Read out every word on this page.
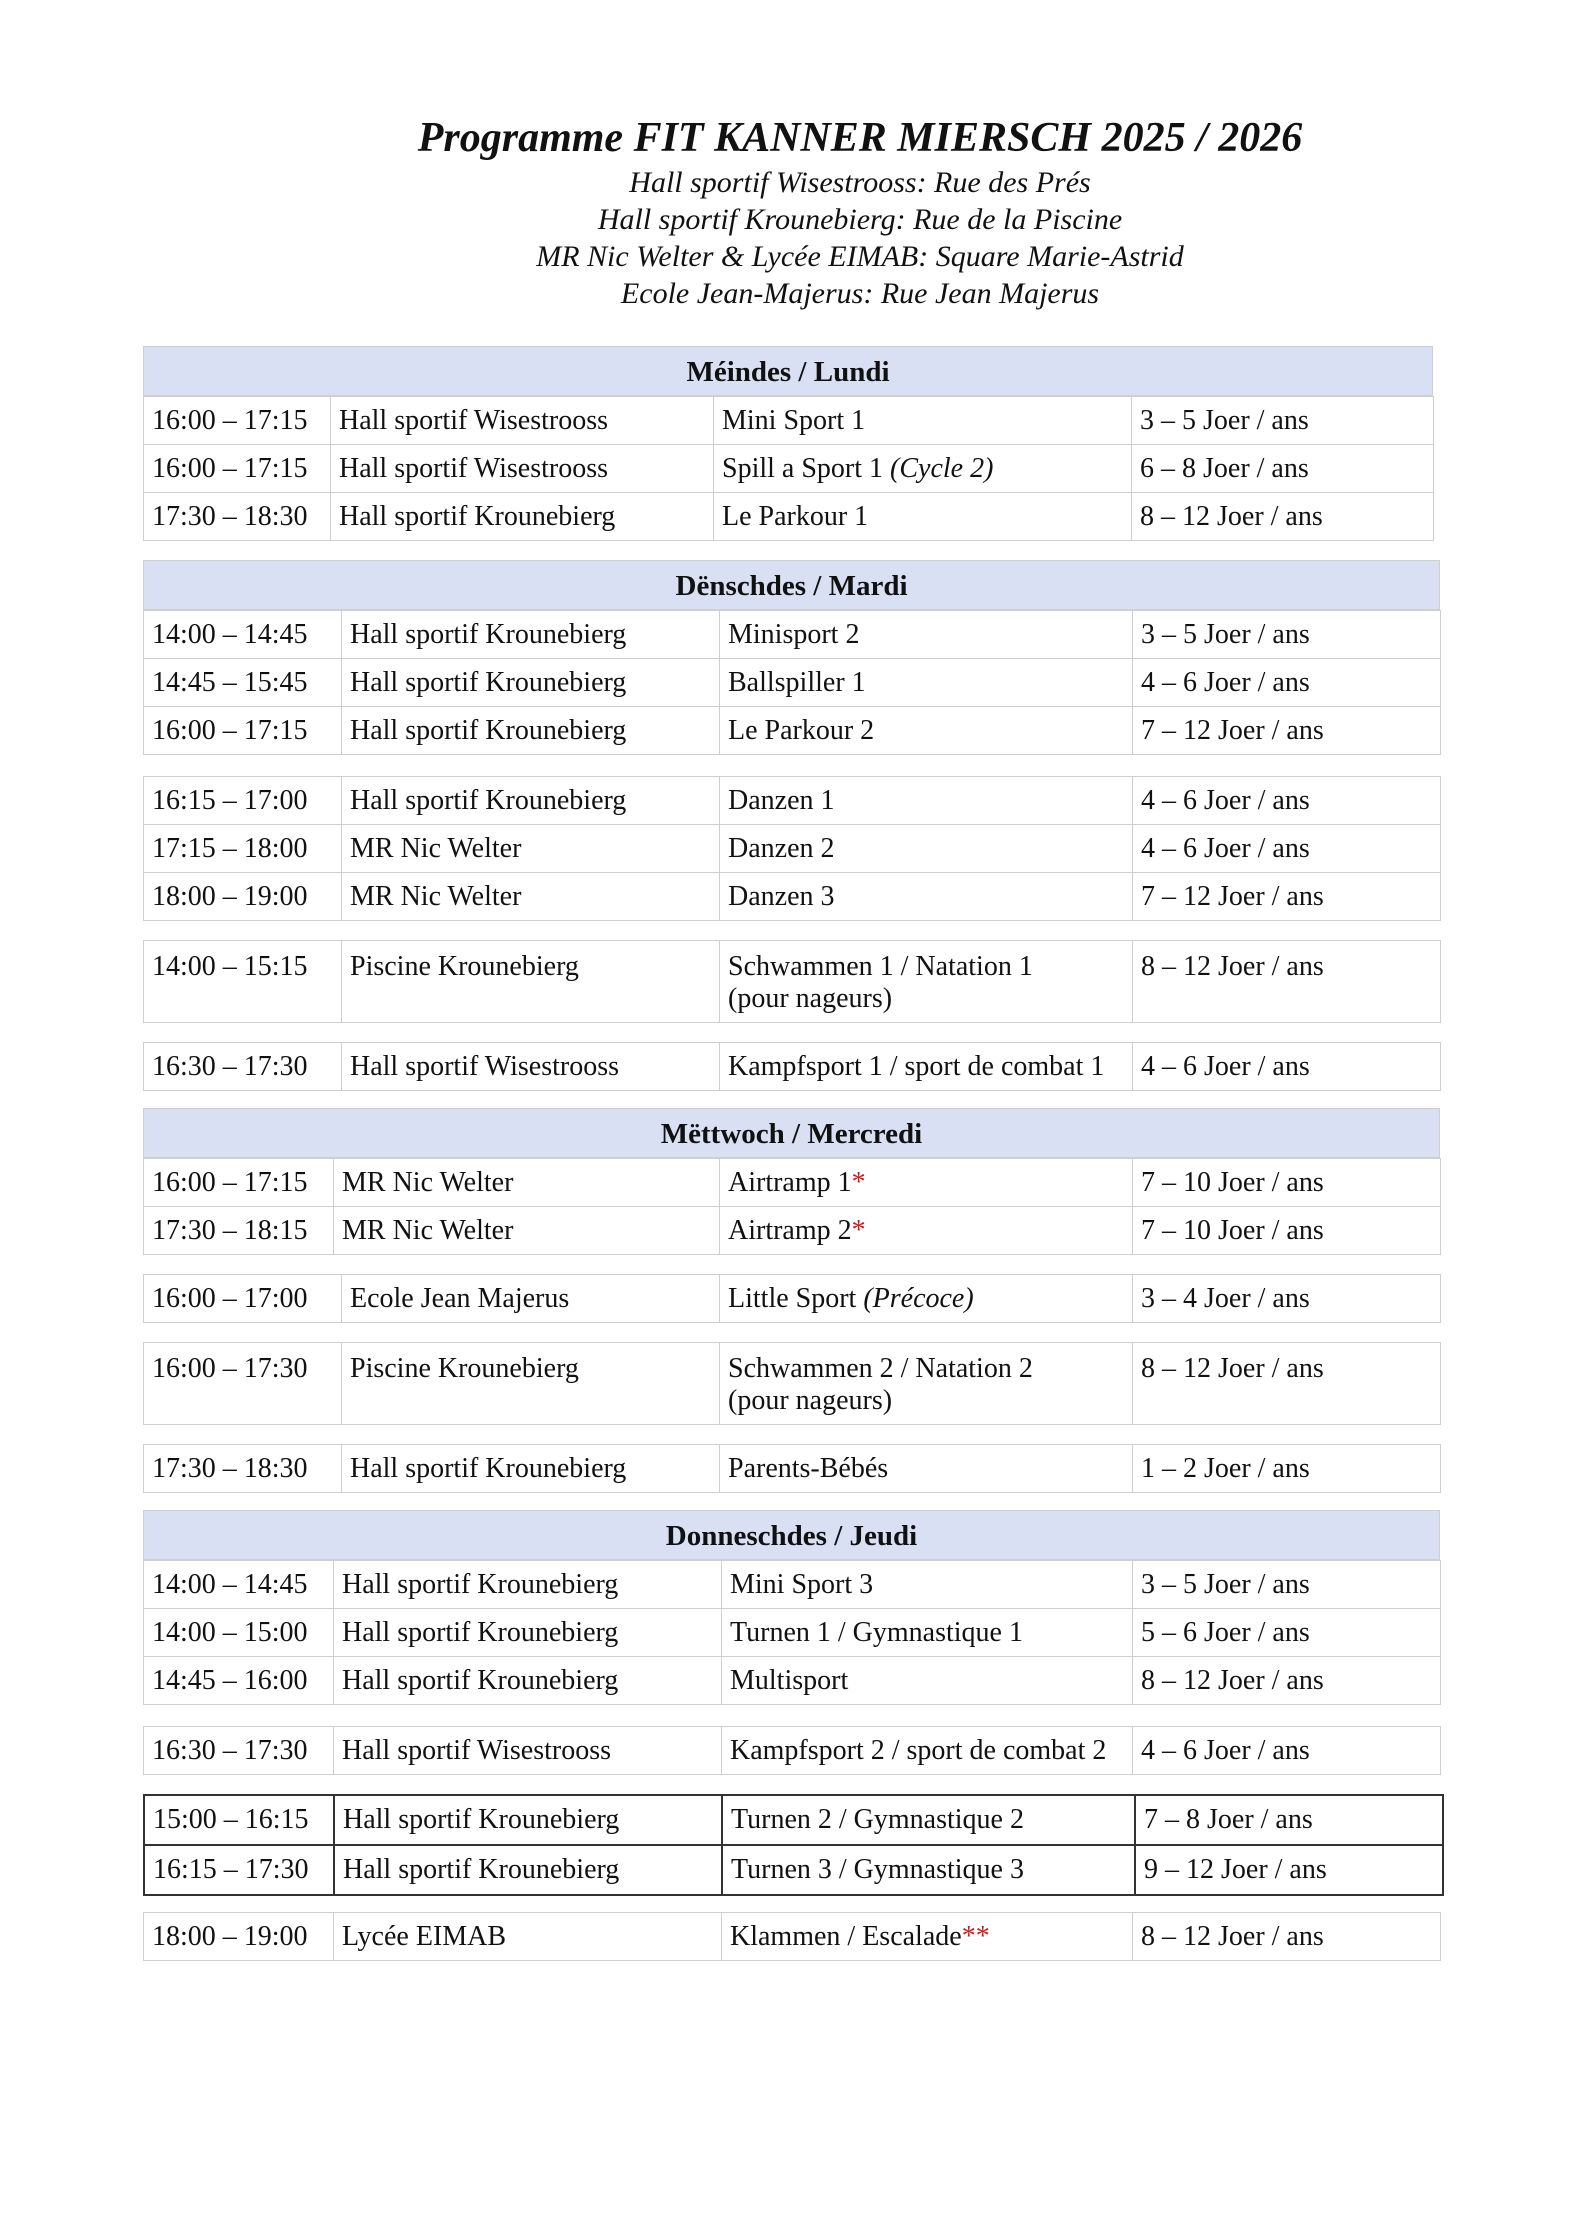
Programme FIT KANNER MIERSCH 2025 / 2026
Hall sportif Wisestrooss: Rue des Prés
Hall sportif Krounebierg: Rue de la Piscine
MR Nic Welter & Lycée EIMAB: Square Marie-Astrid
Ecole Jean-Majerus: Rue Jean Majerus
Méindes / Lundi
16:00 – 17:15	Hall sportif Wisestrooss	Mini Sport 1	3 – 5 Joer / ans
16:00 – 17:15	Hall sportif Wisestrooss	Spill a Sport 1 (Cycle 2)	6 – 8 Joer / ans
17:30 – 18:30	Hall sportif Krounebierg	Le Parkour 1	8 – 12 Joer / ans
Dënschdes / Mardi
14:00 – 14:45	Hall sportif Krounebierg	Minisport 2	3 – 5 Joer / ans
14:45 – 15:45	Hall sportif Krounebierg	Ballspiller 1	4 – 6 Joer / ans
16:00 – 17:15	Hall sportif Krounebierg	Le Parkour 2	7 – 12 Joer / ans
16:15 – 17:00	Hall sportif Krounebierg	Danzen 1	4 – 6 Joer / ans
17:15 – 18:00	MR Nic Welter	Danzen 2	4 – 6 Joer / ans
18:00 – 19:00	MR Nic Welter	Danzen 3	7 – 12 Joer / ans
14:00 – 15:15	Piscine Krounebierg	Schwammen 1 / Natation 1
(pour nageurs)
	8 – 12 Joer / ans
16:30 – 17:30	Hall sportif Wisestrooss	Kampfsport 1 / sport de combat 1	4 – 6 Joer / ans
Mëttwoch / Mercredi
16:00 – 17:15	MR Nic Welter	Airtramp 1*	7 – 10 Joer / ans
17:30 – 18:15	MR Nic Welter	Airtramp 2*	7 – 10 Joer / ans
16:00 – 17:00	Ecole Jean Majerus	Little Sport (Précoce)	3 – 4 Joer / ans
16:00 – 17:30	Piscine Krounebierg	Schwammen 2 / Natation 2
(pour nageurs)
	8 – 12 Joer / ans
17:30 – 18:30	Hall sportif Krounebierg	Parents-Bébés	1 – 2 Joer / ans
Donneschdes / Jeudi
14:00 – 14:45	Hall sportif Krounebierg	Mini Sport 3	3 – 5 Joer / ans
14:00 – 15:00	Hall sportif Krounebierg	Turnen 1 / Gymnastique 1	5 – 6 Joer / ans
14:45 – 16:00	Hall sportif Krounebierg	Multisport	8 – 12 Joer / ans
16:30 – 17:30	Hall sportif Wisestrooss	Kampfsport 2 / sport de combat 2	4 – 6 Joer / ans
15:00 – 16:15	Hall sportif Krounebierg	Turnen 2 / Gymnastique 2	7 – 8 Joer / ans
16:15 – 17:30	Hall sportif Krounebierg	Turnen 3 / Gymnastique 3	9 – 12 Joer / ans
18:00 – 19:00	Lycée EIMAB	Klammen / Escalade**	8 – 12 Joer / ans
